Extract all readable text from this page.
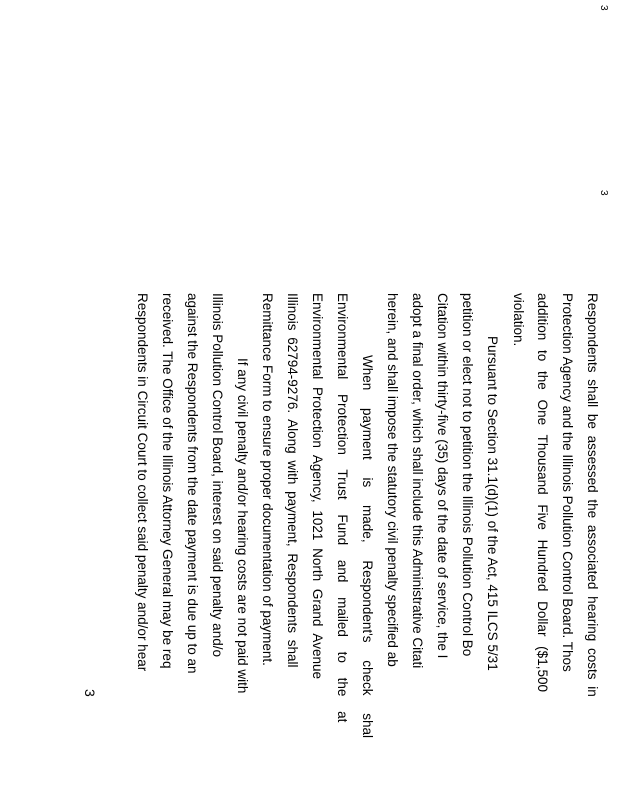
3
3
Respondents shall be assessed the associated hearing costs in
Protection Agency and the Illinois Pollution Control Board. Thos
addition to the One Thousand Five Hundred Dollar ($1,500
violation.
Pursuant to Section 31.1(d)(1) of the Act, 415 ILCS 5/31
petition or elect not to petition the Illinois Pollution Control Bo
Citation within thirty-five (35) days of the date of service, the I
adopt a final order, which shall include this Administrative Citati
herein, and shall impose the statutory civil penalty specified ab
When payment is made, Respondent's check shal
Environmental Protection Trust Fund and mailed to the at
Environmental Protection Agency, 1021 North Grand Avenue
Illinois 62794-9276. Along with payment, Respondents shall
Remittance Form to ensure proper documentation of payment.
If any civil penalty and/or hearing costs are not paid with
Illinois Pollution Control Board, interest on said penalty and/o
against the Respondents from the date payment is due up to an
received. The Office of the Illinois Attorney General may be req
Respondents in Circuit Court to collect said penalty and/or hear
3
